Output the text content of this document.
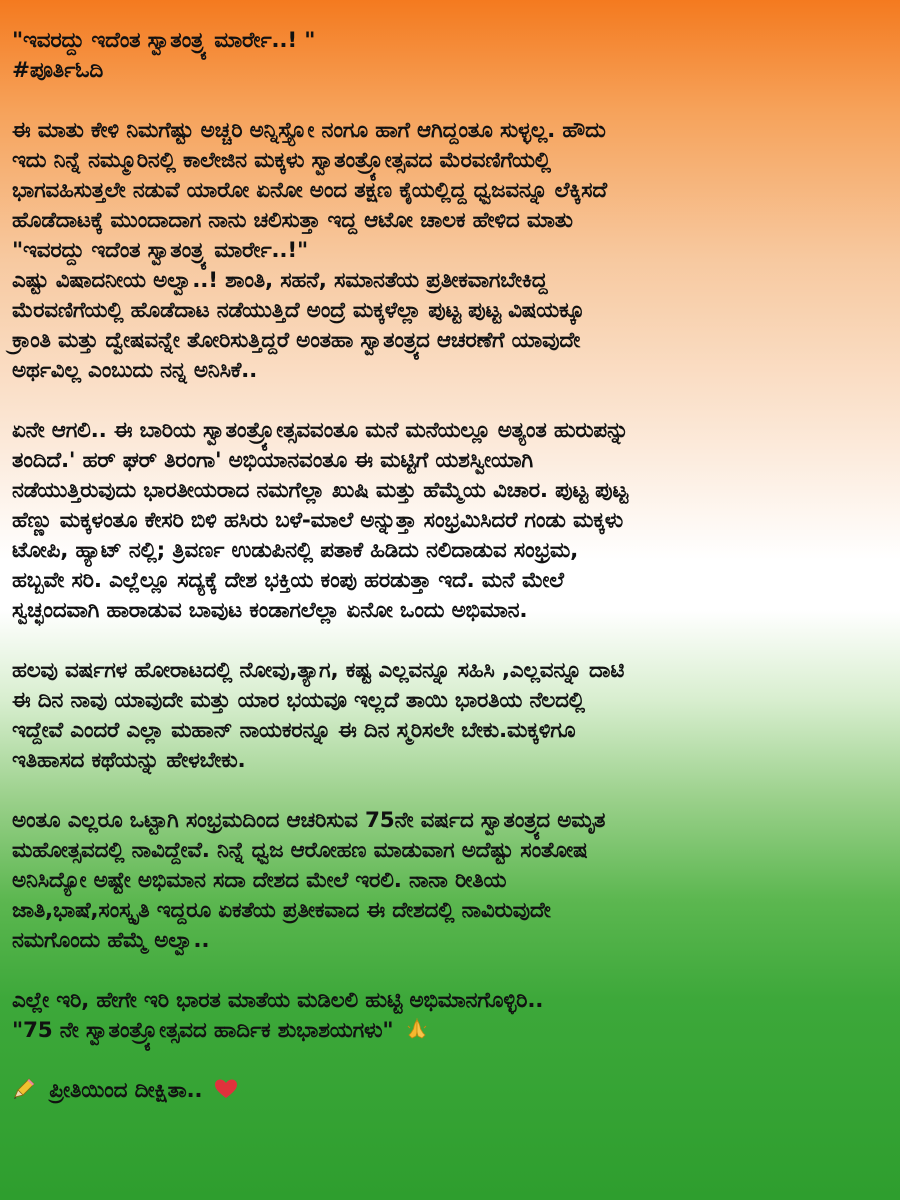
"ಇವರದ್ದು ಇದೆಂತ ಸ್ವಾತಂತ್ರ್ಯ ಮಾರ್ರೇ..! "
#ಪೂರ್ತಿಓದಿ
ಈ ಮಾತು ಕೇಳಿ ನಿಮಗೆಷ್ಟು ಅಚ್ಚರಿ ಅನ್ನಿಸ್ತ್ಯೋ ನಂಗೂ ಹಾಗೆ ಆಗಿದ್ದಂತೂ ಸುಳ್ಳಲ್ಲ. ಹೌದು
ಇದು ನಿನ್ನೆ ನಮ್ಮೂರಿನಲ್ಲಿ ಕಾಲೇಜಿನ ಮಕ್ಕಳು ಸ್ವಾತಂತ್ರ್ಯೋತ್ಸವದ ಮೆರವಣಿಗೆಯಲ್ಲಿ
ಭಾಗವಹಿಸುತ್ತಲೇ ನಡುವೆ ಯಾರೋ ಏನೋ ಅಂದ ತಕ್ಷಣ ಕೈಯಲ್ಲಿದ್ದ ಧ್ವಜವನ್ನೂ ಲೆಕ್ಕಿಸದೆ
ಹೊಡೆದಾಟಕ್ಕೆ ಮುಂದಾದಾಗ ನಾನು ಚಲಿಸುತ್ತಾ ಇದ್ದ ಆಟೋ ಚಾಲಕ ಹೇಳಿದ ಮಾತು
"ಇವರದ್ದು ಇದೆಂತ ಸ್ವಾತಂತ್ರ್ಯ ಮಾರ್ರೇ..!"
ಎಷ್ಟು ವಿಷಾದನೀಯ ಅಲ್ವಾ..! ಶಾಂತಿ, ಸಹನೆ, ಸಮಾನತೆಯ ಪ್ರತೀಕವಾಗಬೇಕಿದ್ದ
ಮೆರವಣಿಗೆಯಲ್ಲಿ ಹೊಡೆದಾಟ ನಡೆಯುತ್ತಿದೆ ಅಂದ್ರೆ ಮಕ್ಕಳೆಲ್ಲಾ ಪುಟ್ಟ ಪುಟ್ಟ ವಿಷಯಕ್ಕೂ
ಕ್ರಾಂತಿ ಮತ್ತು ದ್ವೇಷವನ್ನೇ ತೋರಿಸುತ್ತಿದ್ದರೆ ಅಂತಹಾ ಸ್ವಾತಂತ್ರ್ಯದ ಆಚರಣೆಗೆ ಯಾವುದೇ
ಅರ್ಥವಿಲ್ಲ ಎಂಬುದು ನನ್ನ ಅನಿಸಿಕೆ..
ಏನೇ ಆಗಲಿ.. ಈ ಬಾರಿಯ ಸ್ವಾತಂತ್ರ್ಯೋತ್ಸವವಂತೂ ಮನೆ ಮನೆಯಲ್ಲೂ ಅತ್ಯಂತ ಹುರುಪನ್ನು
ತಂದಿದೆ.' ಹರ್ ಘರ್ ತಿರಂಗಾ' ಅಭಿಯಾನವಂತೂ ಈ ಮಟ್ಟಿಗೆ ಯಶಸ್ವೀಯಾಗಿ
ನಡೆಯುತ್ತಿರುವುದು ಭಾರತೀಯರಾದ ನಮಗೆಲ್ಲಾ ಖುಷಿ ಮತ್ತು ಹೆಮ್ಮೆಯ ವಿಚಾರ. ಪುಟ್ಟ ಪುಟ್ಟ
ಹೆಣ್ಣು ಮಕ್ಕಳಂತೂ ಕೇಸರಿ ಬಿಳಿ ಹಸಿರು ಬಳೆ-ಮಾಲೆ ಅನ್ನುತ್ತಾ ಸಂಭ್ರಮಿಸಿದರೆ ಗಂಡು ಮಕ್ಕಳು
ಟೋಪಿ, ಹ್ಯಾಟ್ ನಲ್ಲಿ; ತ್ರಿವರ್ಣ ಉಡುಪಿನಲ್ಲಿ ಪತಾಕೆ ಹಿಡಿದು ನಲಿದಾಡುವ ಸಂಭ್ರಮ,
ಹಬ್ಬವೇ ಸರಿ. ಎಲ್ಲೆಲ್ಲೂ ಸದ್ಯಕ್ಕೆ ದೇಶ ಭಕ್ತಿಯ ಕಂಪು ಹರಡುತ್ತಾ ಇದೆ. ಮನೆ ಮೇಲೆ
ಸ್ವಚ್ಛಂದವಾಗಿ ಹಾರಾಡುವ ಬಾವುಟ ಕಂಡಾಗಲೆಲ್ಲಾ ಏನೋ ಒಂದು ಅಭಿಮಾನ.
ಹಲವು ವರ್ಷಗಳ ಹೋರಾಟದಲ್ಲಿ ನೋವು,ತ್ಯಾಗ, ಕಷ್ಟ ಎಲ್ಲವನ್ನೂ ಸಹಿಸಿ ,ಎಲ್ಲವನ್ನೂ ದಾಟಿ
ಈ ದಿನ ನಾವು ಯಾವುದೇ ಮತ್ತು ಯಾರ ಭಯವೂ ಇಲ್ಲದೆ ತಾಯಿ ಭಾರತಿಯ ನೆಲದಲ್ಲಿ
ಇದ್ದೇವೆ ಎಂದರೆ ಎಲ್ಲಾ ಮಹಾನ್ ನಾಯಕರನ್ನೂ ಈ ದಿನ ಸ್ಮರಿಸಲೇ ಬೇಕು.ಮಕ್ಕಳಿಗೂ
ಇತಿಹಾಸದ ಕಥೆಯನ್ನು ಹೇಳಬೇಕು.
ಅಂತೂ ಎಲ್ಲರೂ ಒಟ್ಟಾಗಿ ಸಂಭ್ರಮದಿಂದ ಆಚರಿಸುವ 75ನೇ ವರ್ಷದ ಸ್ವಾತಂತ್ರ್ಯದ ಅಮೃತ
ಮಹೋತ್ಸವದಲ್ಲಿ ನಾವಿದ್ದೇವೆ. ನಿನ್ನೆ ಧ್ವಜ ಆರೋಹಣ ಮಾಡುವಾಗ ಅದೆಷ್ಟು ಸಂತೋಷ
ಅನಿಸಿದ್ಯೋ ಅಷ್ಟೇ ಅಭಿಮಾನ ಸದಾ ದೇಶದ ಮೇಲೆ ಇರಲಿ. ನಾನಾ ರೀತಿಯ
ಜಾತಿ,ಭಾಷೆ,ಸಂಸ್ಕೃತಿ ಇದ್ದರೂ ಏಕತೆಯ ಪ್ರತೀಕವಾದ ಈ ದೇಶದಲ್ಲಿ ನಾವಿರುವುದೇ
ನಮಗೊಂದು ಹೆಮ್ಮೆ ಅಲ್ವಾ..
ಎಲ್ಲೇ ಇರಿ, ಹೇಗೇ ಇರಿ ಭಾರತ ಮಾತೆಯ ಮಡಿಲಲಿ ಹುಟ್ಟಿ ಅಭಿಮಾನಗೊಳ್ಳಿರಿ..
"75 ನೇ ಸ್ವಾತಂತ್ರ್ಯೋತ್ಸವದ ಹಾರ್ದಿಕ ಶುಭಾಶಯಗಳು"
ಪ್ರೀತಿಯಿಂದ ದೀಕ್ಷಿತಾ..
